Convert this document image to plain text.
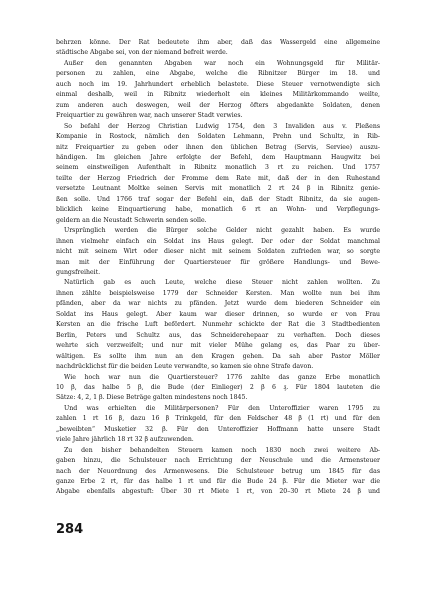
behrzen könne. Der Rat bedeutete ihm aber, daß das Wassergeld eine allgemeine
städtische Abgabe sei, von der niemand befreit werde.
Außer den genannten Abgaben war noch ein Wohnungsgeld für Militär-
personen zu zahlen, eine Abgabe, welche die Ribnitzer Bürger im 18. und
auch noch im 19. Jahrhundert erheblich belastete. Diese Steuer vernotwendigte sich
einmal deshalb, weil in Ribnitz wiederholt ein kleines Militärkommando weilte,
zum anderen auch deswegen, weil der Herzog öfters abgedankte Soldaten, denen
Freiquartier zu gewähren war, nach unserer Stadt verwies.
So befahl der Herzog Christian Ludwig 1754, den 3 Invaliden aus v. Pleßens
Kompanie in Rostock, nämlich den Soldaten Lehmann, Prehn und Schultz, in Rib-
nitz Freiquartier zu geben oder ihnen den üblichen Betrag (Servis, Serviee) auszu-
händigen. Im gleichen Jahre erfolgte der Befehl, dem Hauptmann Haugwitz bei
seinem einstweiligen Aufenthalt in Ribnitz monatlich 3 rt zu reichen. Und 1757
teilte der Herzog Friedrich der Fromme dem Rate mit, daß der in den Ruhestand
versetzte Leutnant Moltke seinen Servis mit monatlich 2 rt 24 β in Ribnitz genie-
ßen solle. Und 1766 traf sogar der Befehl ein, daß der Stadt Ribnitz, da sie augen-
blicklich keine Einquartierung habe, monatlich 6 rt an Wohn- und Verpflegungs-
geldern an die Neustadt Schwerin senden solle.
Ursprünglich werden die Bürger solche Gelder nicht gezahlt haben. Es wurde
ihnen vielmehr einfach ein Soldat ins Haus gelegt. Der oder der Soldat manchmal
nicht mit seinem Wirt oder dieser nicht mit seinem Soldaten zufrieden war, so sorgte
man mit der Einführung der Quartiersteuer für größere Handlungs- und Bewe-
gungsfreiheit.
Natürlich gab es auch Leute, welche diese Steuer nicht zahlen wollten. Zu
ihnen zählte beispielsweise 1779 der Schneider Kersten. Man wollte nun bei ihm
pfänden, aber da war nichts zu pfänden. Jetzt wurde dem biederen Schneider ein
Soldat ins Haus gelegt. Aber kaum war dieser drinnen, so wurde er von Frau
Kersten an die frische Luft befördert. Nunmehr schickte der Rat die 3 Stadtbedienten
Berlin, Peters und Schultz aus, das Schneiderehepaar zu verhaften. Doch dieses
wehrte sich verzweifelt; und nur mit vieler Mühe gelang es, das Paar zu über-
wältigen. Es sollte ihm nun an den Kragen gehen. Da sah aber Pastor Möller
nachdrücklichst für die beiden Leute verwandte, so kamen sie ohne Strafe davon.
Wie hoch war nun die Quartiersteuer? 1776 zahlte das ganze Erbe monatlich
10 β, das halbe 5 β, die Bude (der Einlieger) 2 β 6 ₰. Für 1804 lauteten die
Sätze: 4, 2, 1 β. Diese Beträge galten mindestens noch 1845.
Und was erhielten die Militärpersonen? Für den Unteroffizier waren 1795 zu
zahlen 1 rt 16 β, dazu 16 β Trinkgeld, für den Feldscher 48 β (1 rt) und für den
„beweibten“ Musketier 32 β. Für den Unteroffizier Hoffmann hatte unsere Stadt
viele Jahre jährlich 18 rt 32 β aufzuwenden.
Zu den bisher behandelten Steuern kamen noch 1830 noch zwei weitere Ab-
gaben hinzu, die Schulsteuer nach Errichtung der Neuschule und die Armensteuer
nach der Neuordnung des Armenwesens. Die Schulsteuer betrug um 1845 für das
ganze Erbe 2 rt, für das halbe 1 rt und für die Bude 24 β. Für die Mieter war die
Abgabe ebenfalls abgestuft: Über 30 rt Miete 1 rt, von 20–30 rt Miete 24 β und
284
